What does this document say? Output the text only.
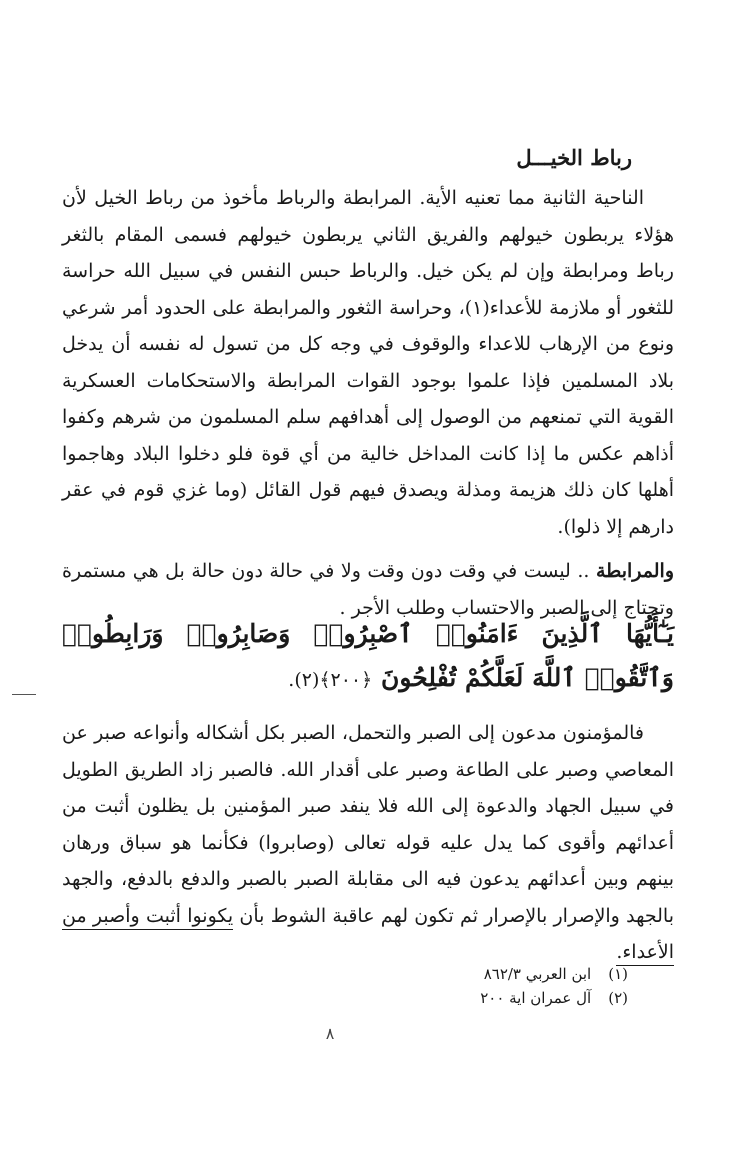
رباط الخيـــل
الناحية الثانية مما تعنيه الأية. المرابطة والرباط مأخوذ من رباط الخيل لأن هؤلاء يربطون خيولهم والفريق الثاني يربطون خيولهم فسمى المقام بالثغر رباط ومرابطة وإن لم يكن خيل. والرباط حبس النفس في سبيل الله حراسة للثغور أو ملازمة للأعداء(١)، وحراسة الثغور والمرابطة على الحدود أمر شرعي ونوع من الإرهاب للاعداء والوقوف في وجه كل من تسول له نفسه أن يدخل بلاد المسلمين فإذا علموا بوجود القوات المرابطة والاستحكامات العسكرية القوية التي تمنعهم من الوصول إلى أهدافهم سلم المسلمون من شرهم وكفوا أذاهم عكس ما إذا كانت المداخل خالية من أي قوة فلو دخلوا البلاد وهاجموا أهلها كان ذلك هزيمة ومذلة ويصدق فيهم قول القائل (وما غزي قوم في عقر دارهم إلا ذلوا).
والمرابطة .. ليست في وقت دون وقت ولا في حالة دون حالة بل هي مستمرة وتحتاج إلى الصبر والاحتساب وطلب الأجر .
يَـٰٓأَيُّهَا ٱلَّذِينَ ءَامَنُوا۟ ٱصْبِرُوا۟ وَصَابِرُوا۟ وَرَابِطُوا۟ وَٱتَّقُوا۟ ٱللَّهَ لَعَلَّكُمْ تُفْلِحُونَ ﴿٢٠٠﴾(٢).
فالمؤمنون مدعون إلى الصبر والتحمل، الصبر بكل أشكاله وأنواعه صبر عن المعاصي وصبر على الطاعة وصبر على أقدار الله. فالصبر زاد الطريق الطويل في سبيل الجهاد والدعوة إلى الله فلا ينفد صبر المؤمنين بل يظلون أثبت من أعدائهم وأقوى كما يدل عليه قوله تعالى (وصابروا) فكأنما هو سباق ورهان بينهم وبين أعدائهم يدعون فيه الى مقابلة الصبر بالصبر والدفع بالدفع، والجهد بالجهد والإصرار بالإصرار ثم تكون لهم عاقبة الشوط بأن يكونوا أثبت وأصبر من الأعداء.
(١) ابن العربي ٨٦٢/٣
(٢) آل عمران اية ٢٠٠
٨
